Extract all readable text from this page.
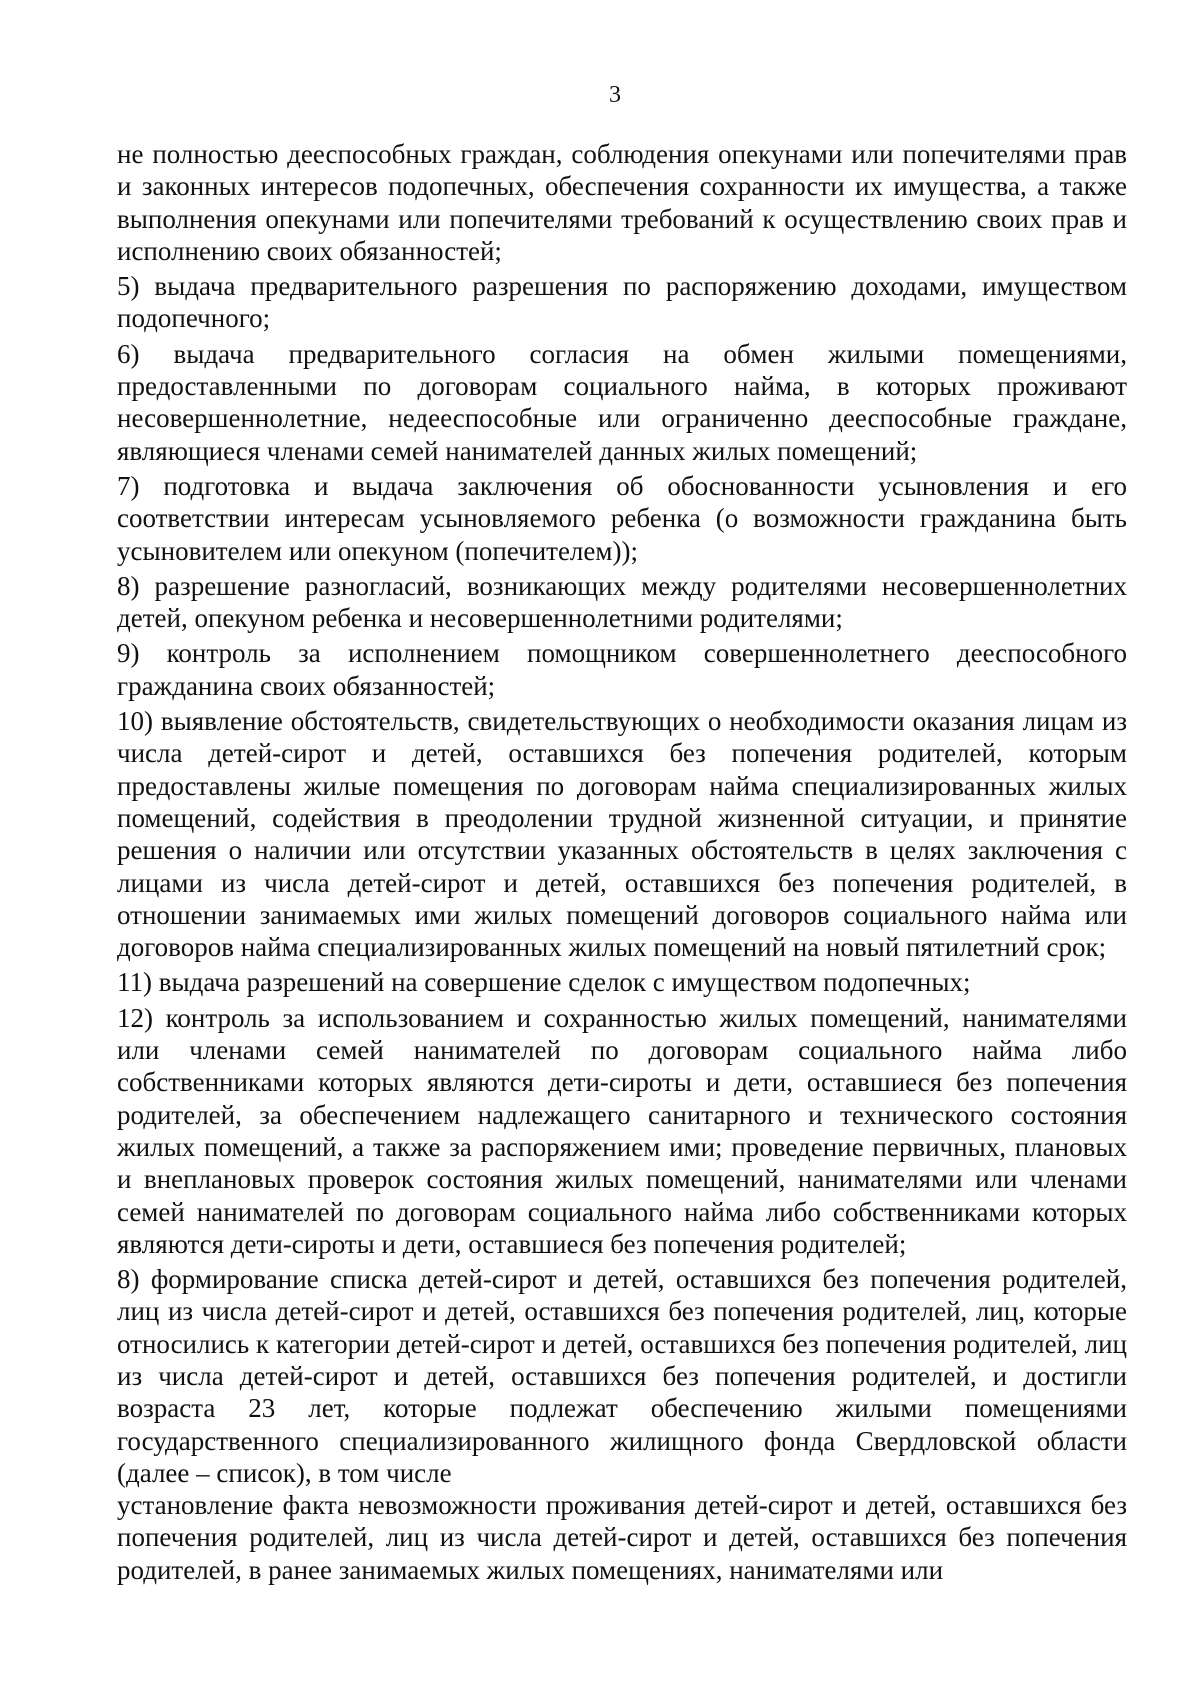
3

не полностью дееспособных граждан, соблюдения опекунами или попечителями прав и законных интересов подопечных, обеспечения сохранности их имущества, а также выполнения опекунами или попечителями требований к осуществлению своих прав и исполнению своих обязанностей;

5) выдача предварительного разрешения по распоряжению доходами, имуществом подопечного;

6) выдача предварительного согласия на обмен жилыми помещениями, предоставленными по договорам социального найма, в которых проживают несовершеннолетние, недееспособные или ограниченно дееспособные граждане, являющиеся членами семей нанимателей данных жилых помещений;

7) подготовка и выдача заключения об обоснованности усыновления и его соответствии интересам усыновляемого ребенка (о возможности гражданина быть усыновителем или опекуном (попечителем));

8) разрешение разногласий, возникающих между родителями несовершеннолетних детей, опекуном ребенка и несовершеннолетними родителями;

9) контроль за исполнением помощником совершеннолетнего дееспособного гражданина своих обязанностей;

10) выявление обстоятельств, свидетельствующих о необходимости оказания лицам из числа детей-сирот и детей, оставшихся без попечения родителей, которым предоставлены жилые помещения по договорам найма специализированных жилых помещений, содействия в преодолении трудной жизненной ситуации, и принятие решения о наличии или отсутствии указанных обстоятельств в целях заключения с лицами из числа детей-сирот и детей, оставшихся без попечения родителей, в отношении занимаемых ими жилых помещений договоров социального найма или договоров найма специализированных жилых помещений на новый пятилетний срок;

11) выдача разрешений на совершение сделок с имуществом подопечных;

12) контроль за использованием и сохранностью жилых помещений, нанимателями или членами семей нанимателей по договорам социального найма либо собственниками которых являются дети-сироты и дети, оставшиеся без попечения родителей, за обеспечением надлежащего санитарного и технического состояния жилых помещений, а также за распоряжением ими; проведение первичных, плановых и внеплановых проверок состояния жилых помещений, нанимателями или членами семей нанимателей по договорам социального найма либо собственниками которых являются дети-сироты и дети, оставшиеся без попечения родителей;

8) формирование списка детей-сирот и детей, оставшихся без попечения родителей, лиц из числа детей-сирот и детей, оставшихся без попечения родителей, лиц, которые относились к категории детей-сирот и детей, оставшихся без попечения родителей, лиц из числа детей-сирот и детей, оставшихся без попечения родителей, и достигли возраста 23 лет, которые подлежат обеспечению жилыми помещениями государственного специализированного жилищного фонда Свердловской области (далее – список), в том числе

установление факта невозможности проживания детей-сирот и детей, оставшихся без попечения родителей, лиц из числа детей-сирот и детей, оставшихся без попечения родителей, в ранее занимаемых жилых помещениях, нанимателями или
